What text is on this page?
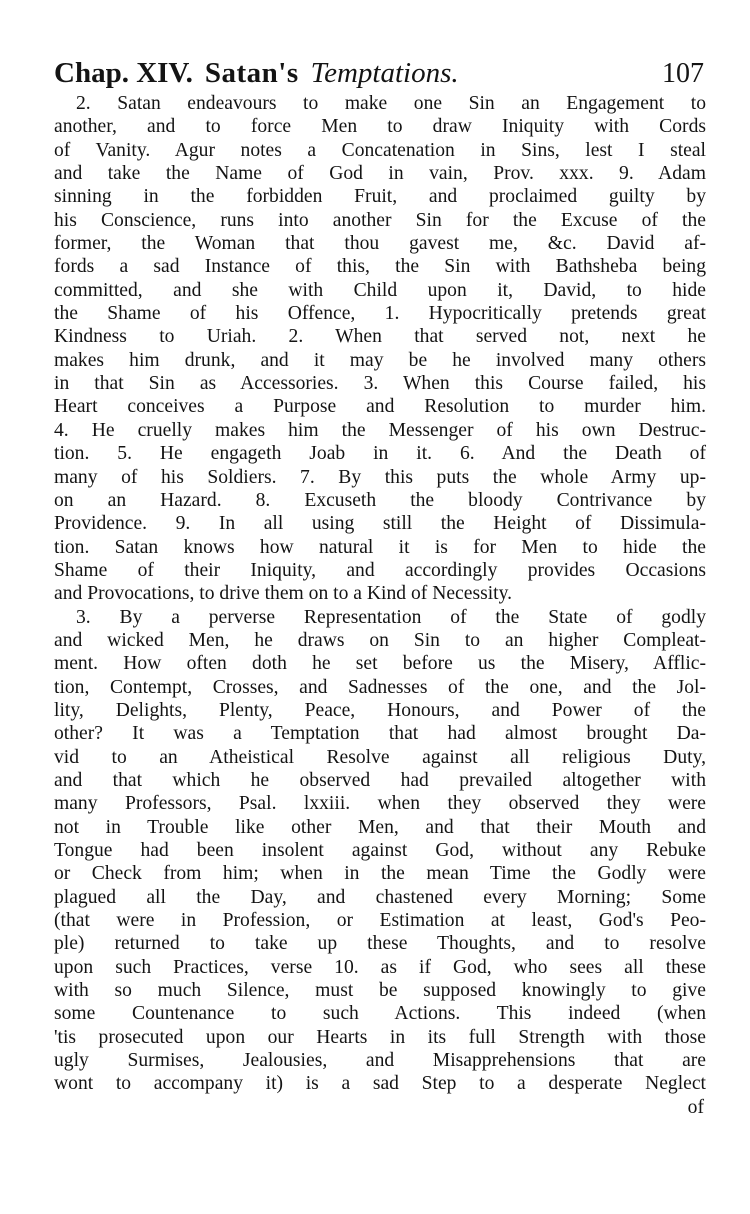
Chap. XIV. Satan's Temptations.	107
2. Satan endeavours to make one Sin an Engagement to
another, and to force Men to draw Iniquity with Cords
of Vanity. Agur notes a Concatenation in Sins, lest I steal
and take the Name of God in vain, Prov. xxx. 9. Adam
sinning in the forbidden Fruit, and proclaimed guilty by
his Conscience, runs into another Sin for the Excuse of the
former, the Woman that thou gavest me, &c. David af-
fords a sad Instance of this, the Sin with Bathsheba being
committed, and she with Child upon it, David, to hide
the Shame of his Offence, 1. Hypocritically pretends great
Kindness to Uriah. 2. When that served not, next he
makes him drunk, and it may be he involved many others
in that Sin as Accessories. 3. When this Course failed, his
Heart conceives a Purpose and Resolution to murder him.
4. He cruelly makes him the Messenger of his own Destruc-
tion. 5. He engageth Joab in it. 6. And the Death of
many of his Soldiers. 7. By this puts the whole Army up-
on an Hazard. 8. Excuseth the bloody Contrivance by
Providence. 9. In all using still the Height of Dissimula-
tion. Satan knows how natural it is for Men to hide the
Shame of their Iniquity, and accordingly provides Occasions
and Provocations, to drive them on to a Kind of Necessity.
3. By a perverse Representation of the State of godly
and wicked Men, he draws on Sin to an higher Compleat-
ment. How often doth he set before us the Misery, Afflic-
tion, Contempt, Crosses, and Sadnesses of the one, and the Jol-
lity, Delights, Plenty, Peace, Honours, and Power of the
other? It was a Temptation that had almost brought Da-
vid to an Atheistical Resolve against all religious Duty,
and that which he observed had prevailed altogether with
many Professors, Psal. lxxiii. when they observed they were
not in Trouble like other Men, and that their Mouth and
Tongue had been insolent against God, without any Rebuke
or Check from him; when in the mean Time the Godly were
plagued all the Day, and chastened every Morning; Some
(that were in Profession, or Estimation at least, God's Peo-
ple) returned to take up these Thoughts, and to resolve
upon such Practices, verse 10. as if God, who sees all these
with so much Silence, must be supposed knowingly to give
some Countenance to such Actions. This indeed (when
'tis prosecuted upon our Hearts in its full Strength with those
ugly Surmises, Jealousies, and Misapprehensions that are
wont to accompany it) is a sad Step to a desperate Neglect
of
